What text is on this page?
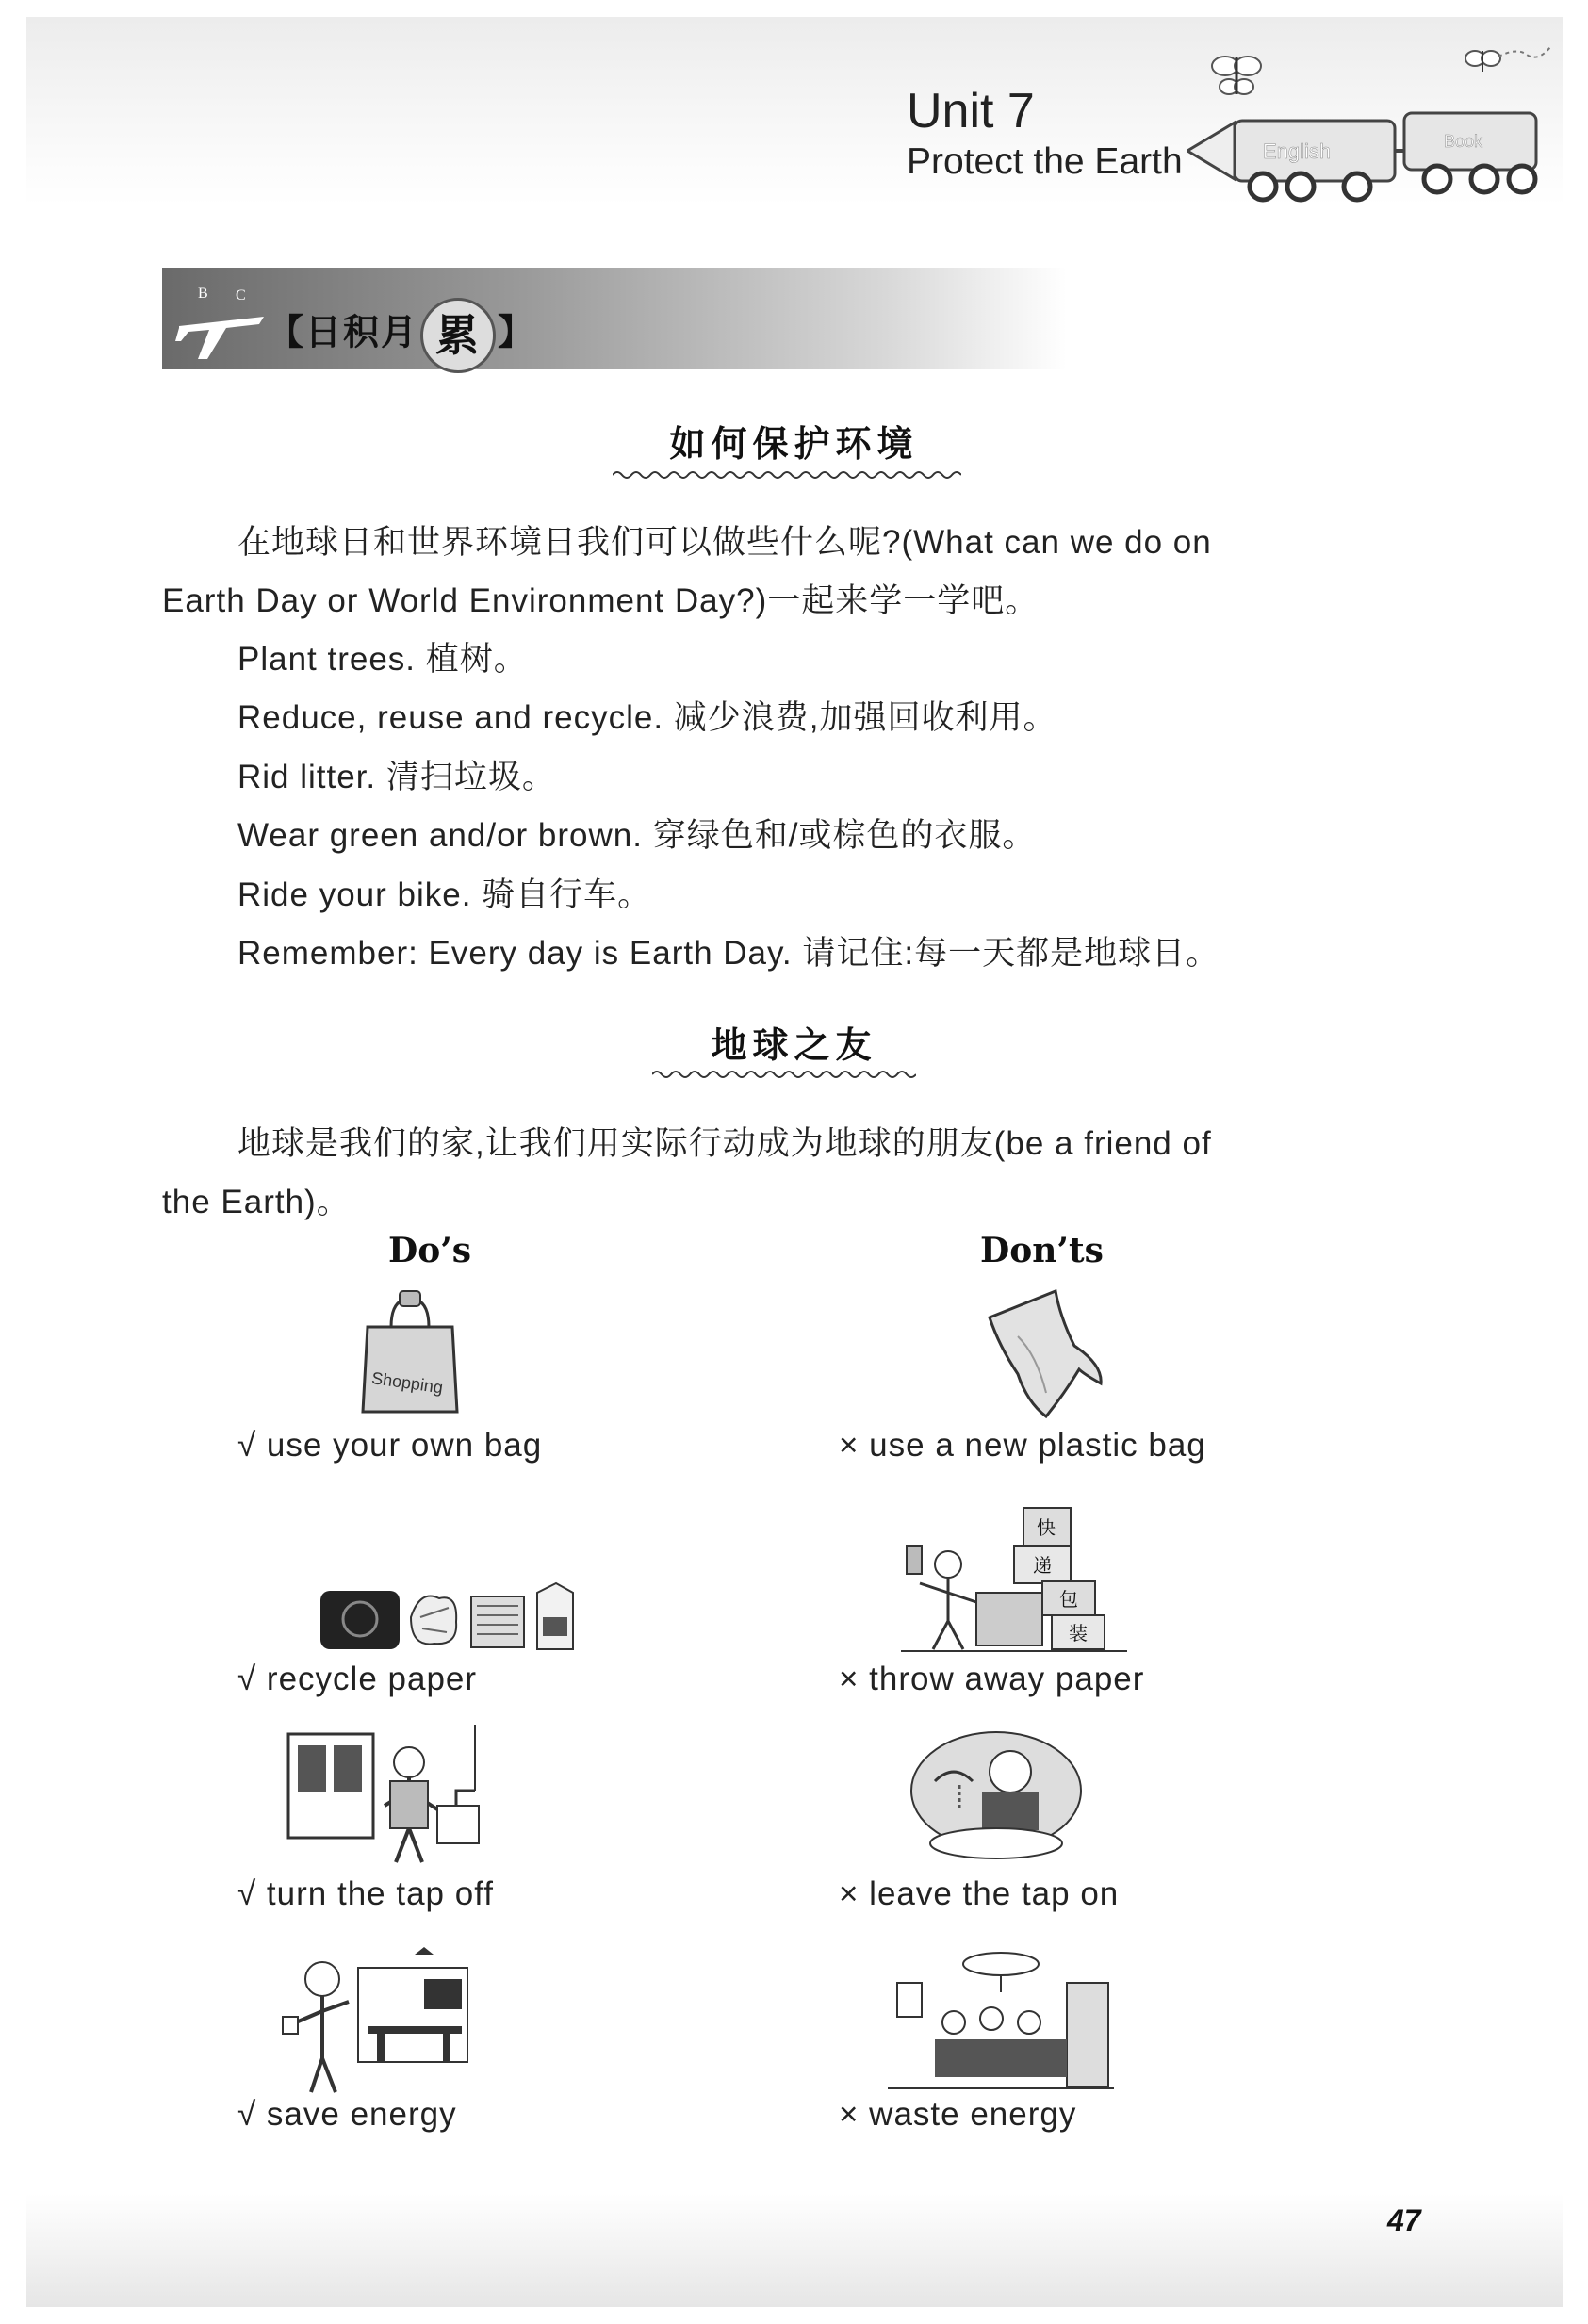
Unit 7
Protect the Earth	English	Book
B C
【日积月 累 】
如何保护环境
在地球日和世界环境日我们可以做些什么呢?(What can we do on
Earth Day or World Environment Day?)一起来学一学吧。
Plant trees. 植树。
Reduce, reuse and recycle. 减少浪费,加强回收利用。
Rid litter. 清扫垃圾。
Wear green and/or brown. 穿绿色和/或棕色的衣服。
Ride your bike. 骑自行车。
Remember: Every day is Earth Day. 请记住:每一天都是地球日。
地球之友
地球是我们的家,让我们用实际行动成为地球的朋友(be a friend of
the Earth)。
Do’s	Don’ts
Shopping
√ use your own bag	× use a new plastic bag
快
递
包
装
√ recycle paper	× throw away paper
√ turn the tap off	× leave the tap on
√ save energy	× waste energy
47
